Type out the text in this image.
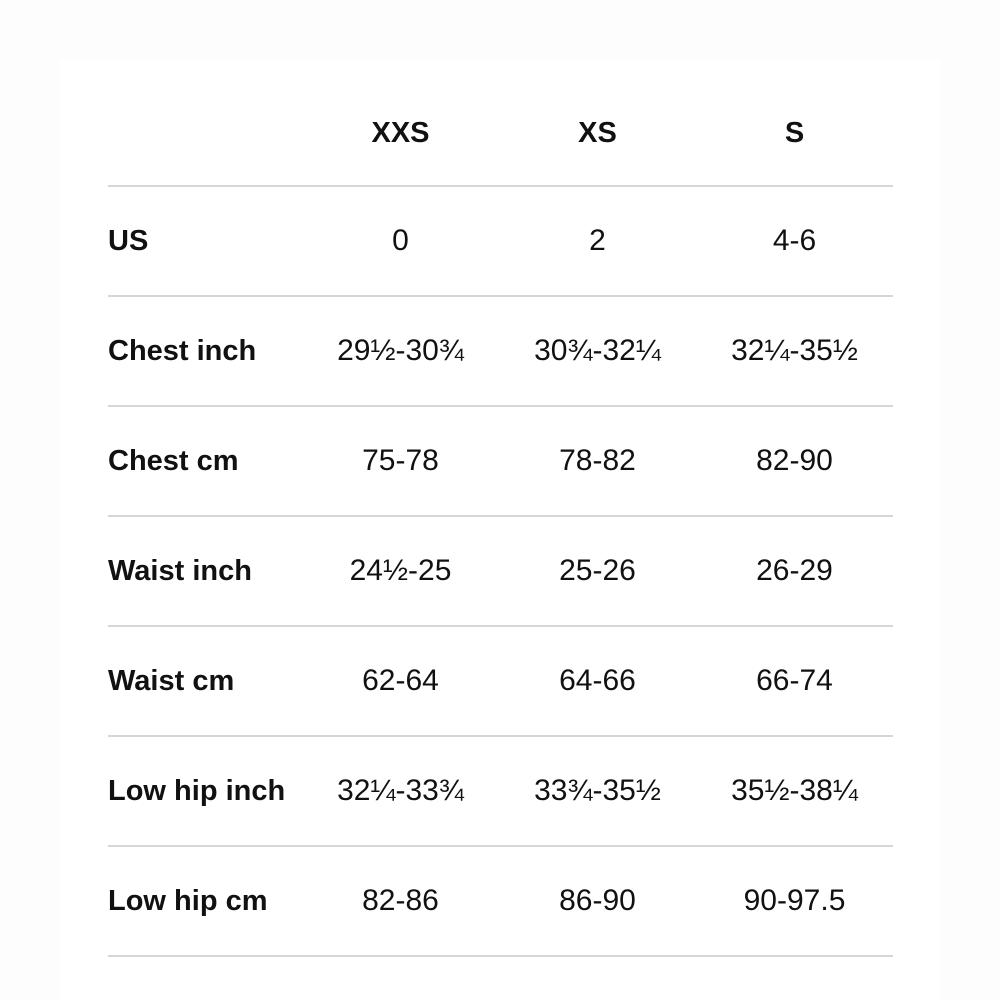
	XXS	XS	S
US	0	2	4-6
Chest inch	29½-30¾	30¾-32¼	32¼-35½
Chest cm	75-78	78-82	82-90
Waist inch	24½-25	25-26	26-29
Waist cm	62-64	64-66	66-74
Low hip inch	32¼-33¾	33¾-35½	35½-38¼
Low hip cm	82-86	86-90	90-97.5
